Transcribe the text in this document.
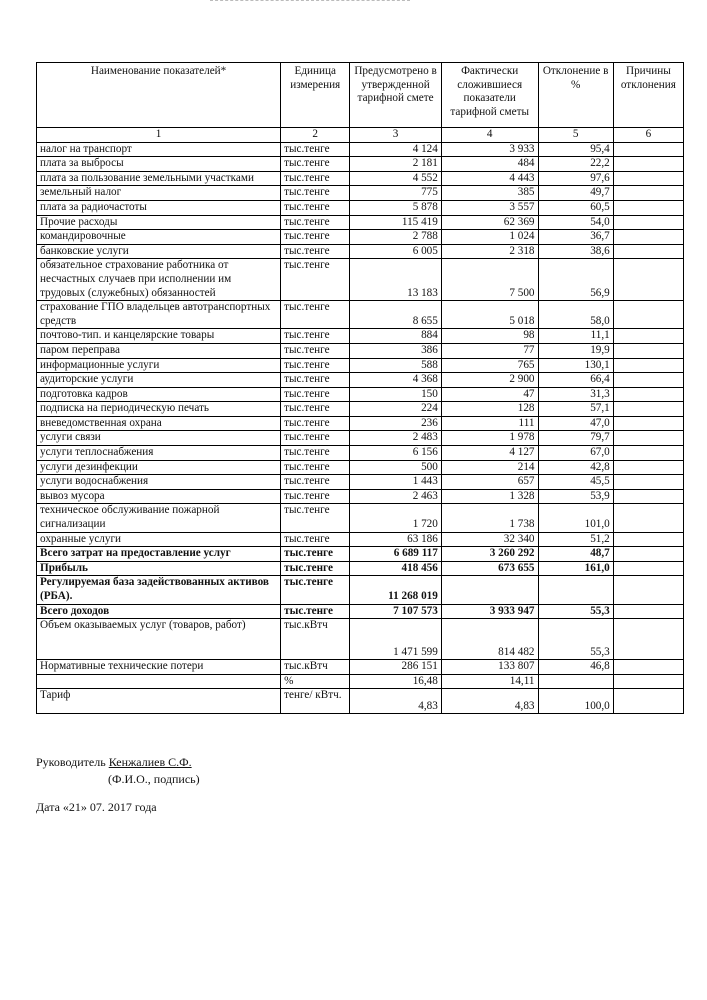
Наименование показателей*	Единица измерения	Предусмотрено в утвержденной тарифной смете	Фактически сложившиеся показатели тарифной сметы	Отклонение в %	Причины отклонения
1	2	3	4	5	6
налог на транспорт	тыс.тенге	4 124	3 933	95,4	
плата за выбросы	тыс.тенге	2 181	484	22,2	
плата за пользование земельными участками	тыс.тенге	4 552	4 443	97,6	
земельный налог	тыс.тенге	775	385	49,7	
плата за радиочастоты	тыс.тенге	5 878	3 557	60,5	
Прочие расходы	тыс.тенге	115 419	62 369	54,0	
командировочные	тыс.тенге	2 788	1 024	36,7	
банковские услуги	тыс.тенге	6 005	2 318	38,6	
обязательное страхование работника от несчастных случаев при исполнении им трудовых (служебных) обязанностей	тыс.тенге	13 183	7 500	56,9	
страхование ГПО владельцев автотранспортных средств	тыс.тенге	8 655	5 018	58,0	
почтово-тип. и канцелярские товары	тыс.тенге	884	98	11,1	
паром переправа	тыс.тенге	386	77	19,9	
информационные услуги	тыс.тенге	588	765	130,1	
аудиторские услуги	тыс.тенге	4 368	2 900	66,4	
подготовка кадров	тыс.тенге	150	47	31,3	
подписка на периодическую печать	тыс.тенге	224	128	57,1	
вневедомственная охрана	тыс.тенге	236	111	47,0	
услуги связи	тыс.тенге	2 483	1 978	79,7	
услуги теплоснабжения	тыс.тенге	6 156	4 127	67,0	
услуги дезинфекции	тыс.тенге	500	214	42,8	
услуги водоснабжения	тыс.тенге	1 443	657	45,5	
вывоз мусора	тыс.тенге	2 463	1 328	53,9	
техническое обслуживание пожарной сигнализации	тыс.тенге	1 720	1 738	101,0	
охранные услуги	тыс.тенге	63 186	32 340	51,2	
Всего затрат на предоставление услуг	тыс.тенге	6 689 117	3 260 292	48,7	
Прибыль	тыс.тенге	418 456	673 655	161,0	
Регулируемая база задействованных активов (РБА).	тыс.тенге	11 268 019			
Всего доходов	тыс.тенге	7 107 573	3 933 947	55,3	
Объем оказываемых услуг (товаров, работ)	тыс.кВтч	1 471 599	814 482	55,3	
Нормативные технические потери	тыс.кВтч	286 151	133 807	46,8	
	%	16,48	14,11		
Тариф	тенге/ кВтч.	4,83	4,83	100,0	
Руководитель Кенжалиев С.Ф.
(Ф.И.О., подпись)
Дата «21» 07. 2017 года
